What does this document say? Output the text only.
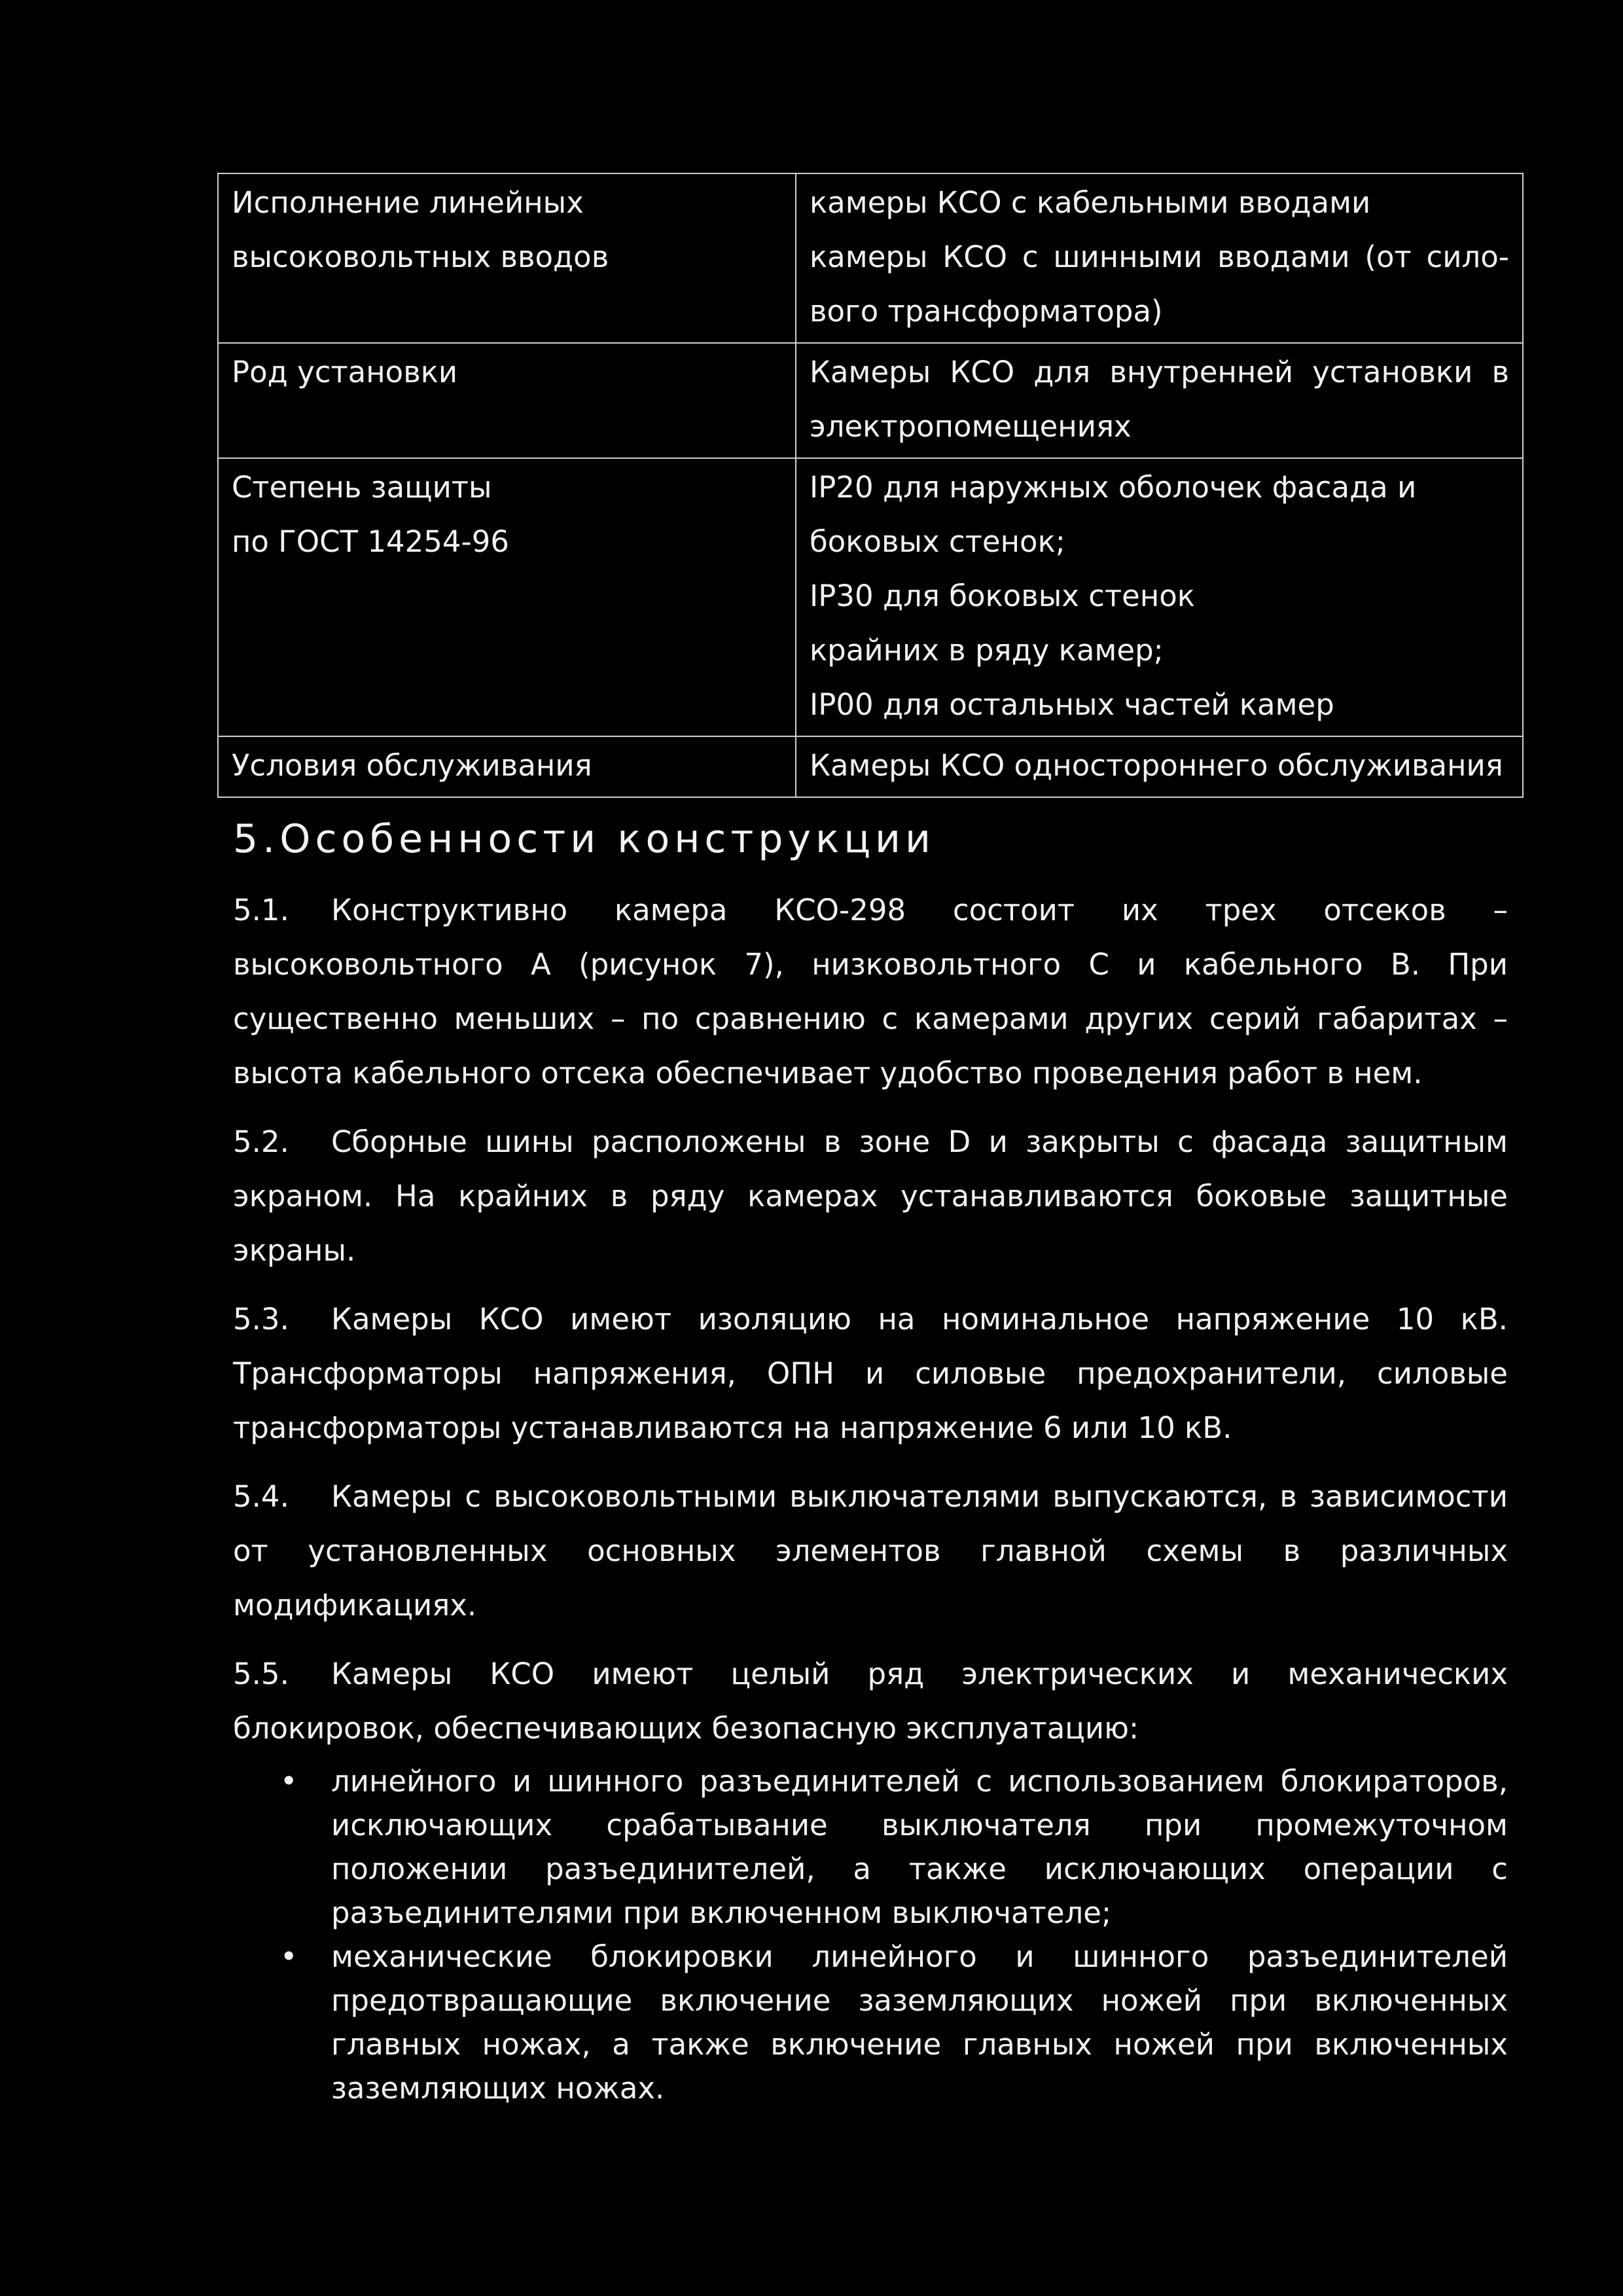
Исполнение линейных
высоковольтных вводов	камеры КСО с кабельными вводами
камеры КСО с шинными вводами (от сило-
вого трансформатора)

Род установки	Камеры КСО для внутренней установки в
электропомещениях

Степень защиты
по ГОСТ 14254-96	IP20 для наружных оболочек фасада и
боковых стенок;
IP30 для боковых стенок
крайних в ряду камер;
IP00 для остальных частей камер

Условия обслуживания	Камеры КСО одностороннего обслуживания
5.Особенности конструкции

5.1. Конструктивно камера КСО-298 состоит их трех отсеков – высоковольтного А (рисунок 7), низковольтного С и кабельного В. При существенно меньших – по сравнению с камерами других серий габаритах – высота кабельного отсека обеспечивает удобство проведения работ в нем.

5.2. Сборные шины расположены в зоне D и закрыты с фасада защитным экраном. На крайних в ряду камерах устанавливаются боковые защитные экраны.

5.3. Камеры КСО имеют изоляцию на номинальное напряжение 10 кВ. Трансформаторы напряжения, ОПН и силовые предохранители, силовые трансформаторы устанавливаются на напряжение 6 или 10 кВ.

5.4. Камеры с высоковольтными выключателями выпускаются, в зависимости от установленных основных элементов главной схемы в различных модификациях.

5.5. Камеры КСО имеют целый ряд электрических и механических блокировок, обеспечивающих безопасную эксплуатацию:

• линейного и шинного разъединителей с использованием блокираторов, исключающих срабатывание выключателя при промежуточном положении разъединителей, а также исключающих операции с разъединителями при включенном выключателе;
• механические блокировки линейного и шинного разъединителей предотвращающие включение заземляющих ножей при включенных главных ножах, а также включение главных ножей при включенных заземляющих ножах.
